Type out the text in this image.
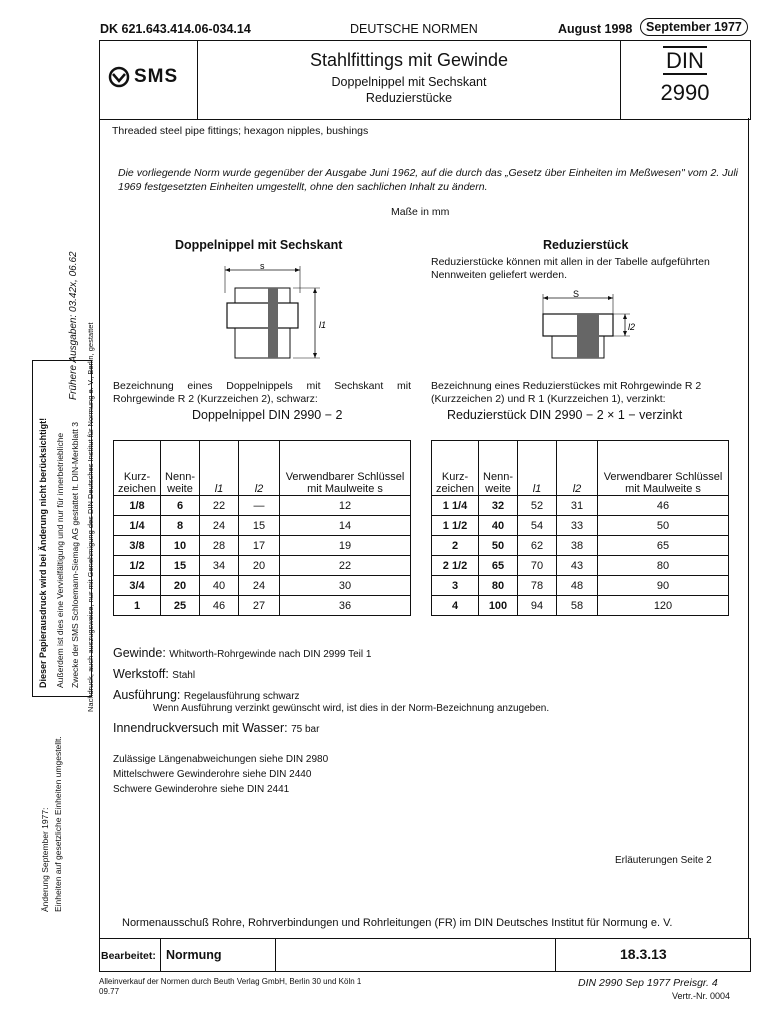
DK 621.643.414.06-034.14	DEUTSCHE NORMEN	August 1998	September 1977
SMS
Stahlfittings mit Gewinde
Doppelnippel mit Sechskant
Reduzierstücke
DIN
2990
Threaded steel pipe fittings; hexagon nipples, bushings
Die vorliegende Norm wurde gegenüber der Ausgabe Juni 1962, auf die durch das „Gesetz über Einheiten im Meßwesen" vom 2. Juli 1969 festgesetzten Einheiten umgestellt, ohne den sachlichen Inhalt zu ändern.
Maße in mm
Doppelnippel mit Sechskant
s
l1
Bezeichnung eines Doppelnippels mit Sechskant mit Rohrgewinde R 2 (Kurzzeichen 2), schwarz:
Doppelnippel DIN 2990 − 2
Kurz-zeichen	Nenn-weite	l1	l2	Verwendbarer Schlüssel mit Maulweite s
1/8	6	22	—	12
1/4	8	24	15	14
3/8	10	28	17	19
1/2	15	34	20	22
3/4	20	40	24	30
1	25	46	27	36
Reduzierstück
Reduzierstücke können mit allen in der Tabelle aufgeführten Nennweiten geliefert werden.
S
l2
Bezeichnung eines Reduzierstückes mit Rohrgewinde R 2 (Kurzzeichen 2) und R 1 (Kurzzeichen 1), verzinkt:
Reduzierstück DIN 2990 − 2 × 1 − verzinkt
Kurz-zeichen	Nenn-weite	l1	l2	Verwendbarer Schlüssel mit Maulweite s
1 1/4	32	52	31	46
1 1/2	40	54	33	50
2	50	62	38	65
2 1/2	65	70	43	80
3	80	78	48	90
4	100	94	58	120
Gewinde: Whitworth-Rohrgewinde nach DIN 2999 Teil 1
Werkstoff: Stahl
Ausführung: Regelausführung schwarz
Wenn Ausführung verzinkt gewünscht wird, ist dies in der Norm-Bezeichnung anzugeben.
Innendruckversuch mit Wasser: 75 bar
Zulässige Längenabweichungen siehe DIN 2980
Mittelschwere Gewinderohre siehe DIN 2440
Schwere Gewinderohre siehe DIN 2441
Erläuterungen Seite 2
Normenausschuß Rohre, Rohrverbindungen und Rohrleitungen (FR) im DIN Deutsches Institut für Normung e. V.
Bearbeitet: Normung	18.3.13
Alleinverkauf der Normen durch Beuth Verlag GmbH, Berlin 30 und Köln 1
09.77
DIN 2990 Sep 1977 Preisgr. 4
Vertr.-Nr. 0004
Frühere Ausgaben: 03.42x, 06.62 Nachdruck, auch auszugsweise, nur mit Genehmigung des DIN Deutsches Institut für Normung e. V., Berlin, gestattet
Dieser Papierausdruck wird bei Änderung nicht berücksichtigt! Außerdem ist dies eine Vervielfältigung und nur für innerbetriebliche Zwecke der SMS Schloemann-Siemag AG gestattet lt. DIN-Merkblatt 3
Änderung September 1977: Einheiten auf gesetzliche Einheiten umgestellt.
